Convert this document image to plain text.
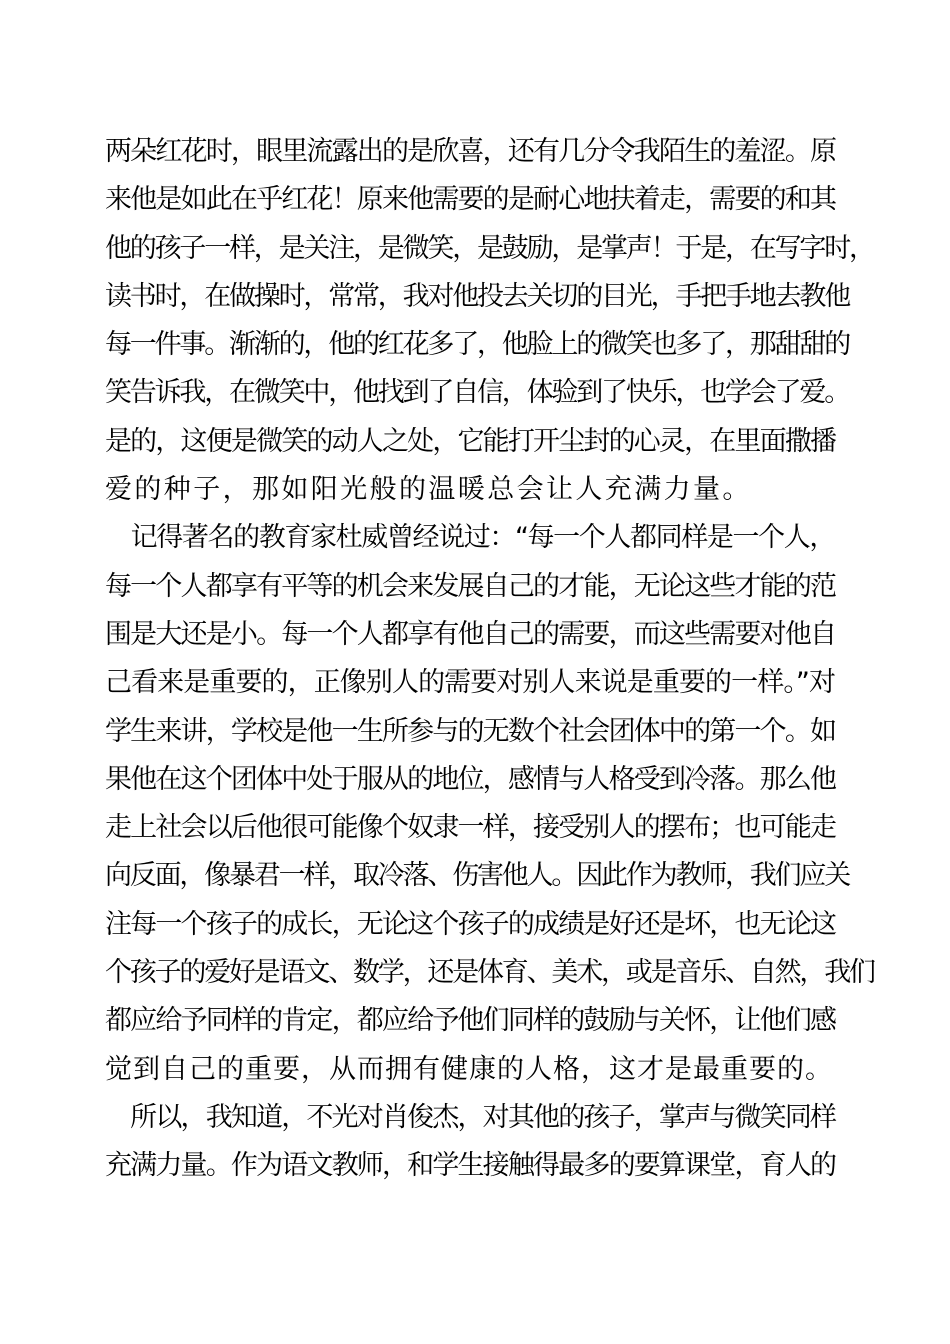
两朵红花时，眼里流露出的是欣喜，还有几分令我陌生的羞涩。原
来他是如此在乎红花！原来他需要的是耐心地扶着走，需要的和其
他的孩子一样，是关注，是微笑，是鼓励，是掌声！于是，在写字时，
读书时，在做操时，常常，我对他投去关切的目光，手把手地去教他
每一件事。渐渐的，他的红花多了，他脸上的微笑也多了，那甜甜的
笑告诉我，在微笑中，他找到了自信，体验到了快乐，也学会了爱。
是的，这便是微笑的动人之处，它能打开尘封的心灵，在里面撒播
爱的种子，那如阳光般的温暖总会让人充满力量。
　记得著名的教育家杜威曾经说过：“每一个人都同样是一个人，
每一个人都享有平等的机会来发展自己的才能，无论这些才能的范
围是大还是小。每一个人都享有他自己的需要，而这些需要对他自
己看来是重要的，正像别人的需要对别人来说是重要的一样。”对
学生来讲，学校是他一生所参与的无数个社会团体中的第一个。如
果他在这个团体中处于服从的地位，感情与人格受到冷落。那么他
走上社会以后他很可能像个奴隶一样，接受别人的摆布；也可能走
向反面，像暴君一样，取冷落、伤害他人。因此作为教师，我们应关
注每一个孩子的成长，无论这个孩子的成绩是好还是坏，也无论这
个孩子的爱好是语文、数学，还是体育、美术，或是音乐、自然，我们
都应给予同样的肯定，都应给予他们同样的鼓励与关怀，让他们感
觉到自己的重要，从而拥有健康的人格，这才是最重要的。
　所以，我知道，不光对肖俊杰，对其他的孩子，掌声与微笑同样
充满力量。作为语文教师，和学生接触得最多的要算课堂，育人的
